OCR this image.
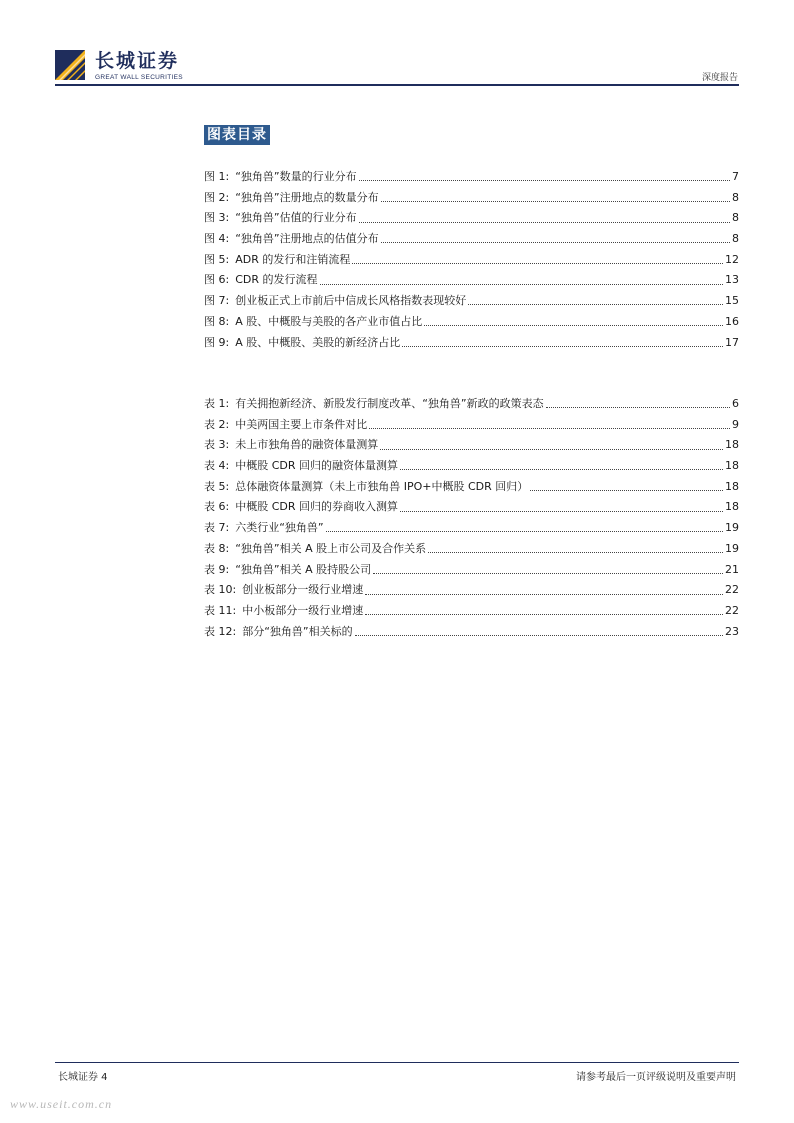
长城证券
GREAT WALL SECURITIES	深度报告
图表目录
图 1: “独角兽”数量的行业分布	7
图 2: “独角兽”注册地点的数量分布	8
图 3: “独角兽”估值的行业分布	8
图 4: “独角兽”注册地点的估值分布	8
图 5: ADR 的发行和注销流程	12
图 6: CDR 的发行流程	13
图 7: 创业板正式上市前后中信成长风格指数表现较好	15
图 8: A 股、中概股与美股的各产业市值占比	16
图 9: A 股、中概股、美股的新经济占比	17
表 1: 有关拥抱新经济、新股发行制度改革、“独角兽”新政的政策表态	6
表 2: 中美两国主要上市条件对比	9
表 3: 未上市独角兽的融资体量测算	18
表 4: 中概股 CDR 回归的融资体量测算	18
表 5: 总体融资体量测算（未上市独角兽 IPO+中概股 CDR 回归）	18
表 6: 中概股 CDR 回归的券商收入测算	18
表 7: 六类行业“独角兽”	19
表 8: “独角兽”相关 A 股上市公司及合作关系	19
表 9: “独角兽”相关 A 股持股公司	21
表 10: 创业板部分一级行业增速	22
表 11: 中小板部分一级行业增速	22
表 12: 部分“独角兽”相关标的	23
长城证券 4	请参考最后一页评级说明及重要声明
www.useit.com.cn
